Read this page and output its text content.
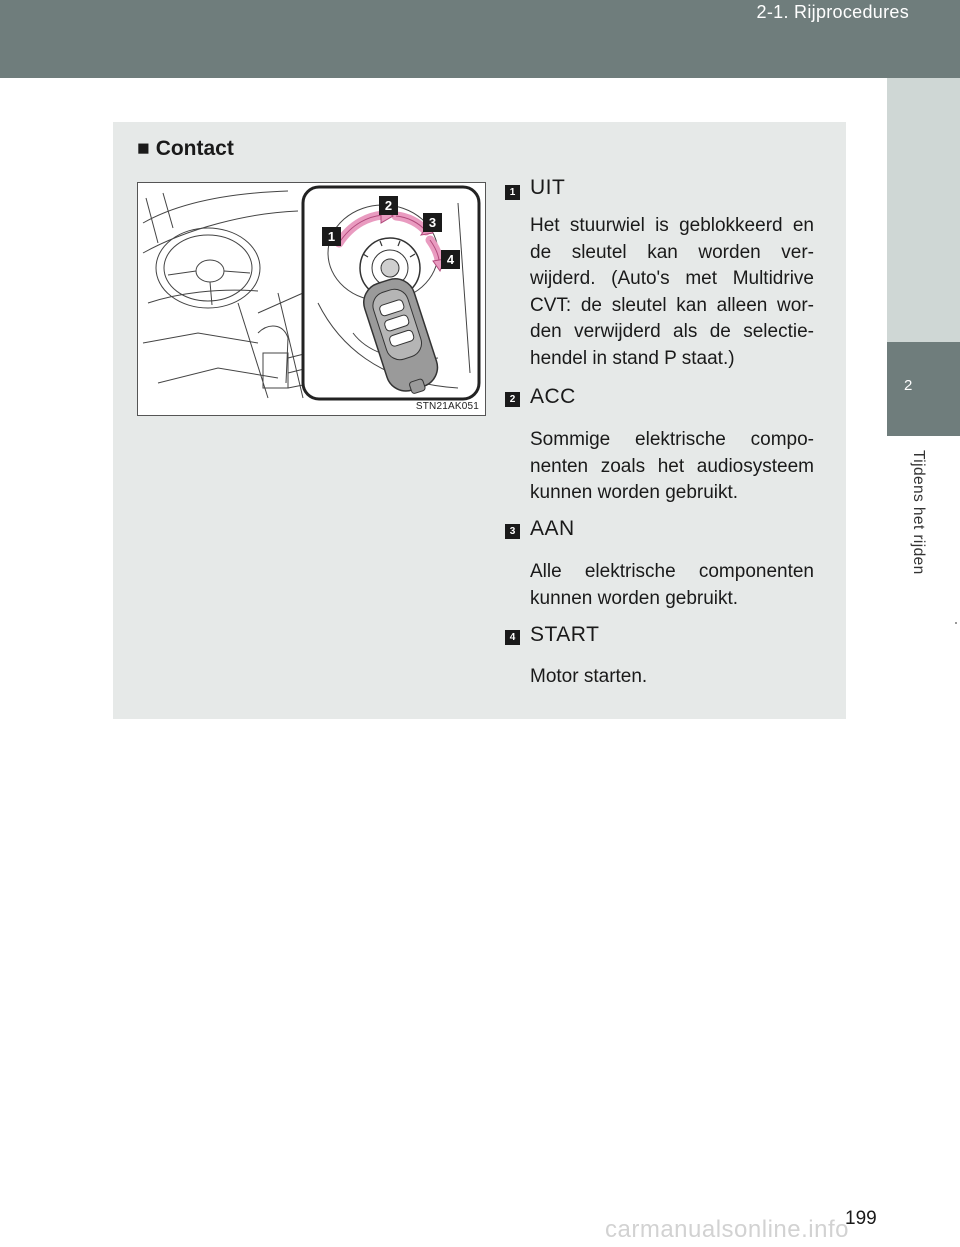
2-1. Rijprocedures
2
Tijdens het rijden
■ Contact
1
2
3
4
STN21AK051
1 UIT
Het stuurwiel is geblokkeerd en de sleutel kan worden ver-wijderd. (Auto's met Multidrive CVT: de sleutel kan alleen wor-den verwijderd als de selectie-hendel in stand P staat.)
2 ACC
Sommige elektrische compo-nenten zoals het audiosysteem kunnen worden gebruikt.
3 AAN
Alle elektrische componenten kunnen worden gebruikt.
4 START
Motor starten.
199
carmanualsonline.info
